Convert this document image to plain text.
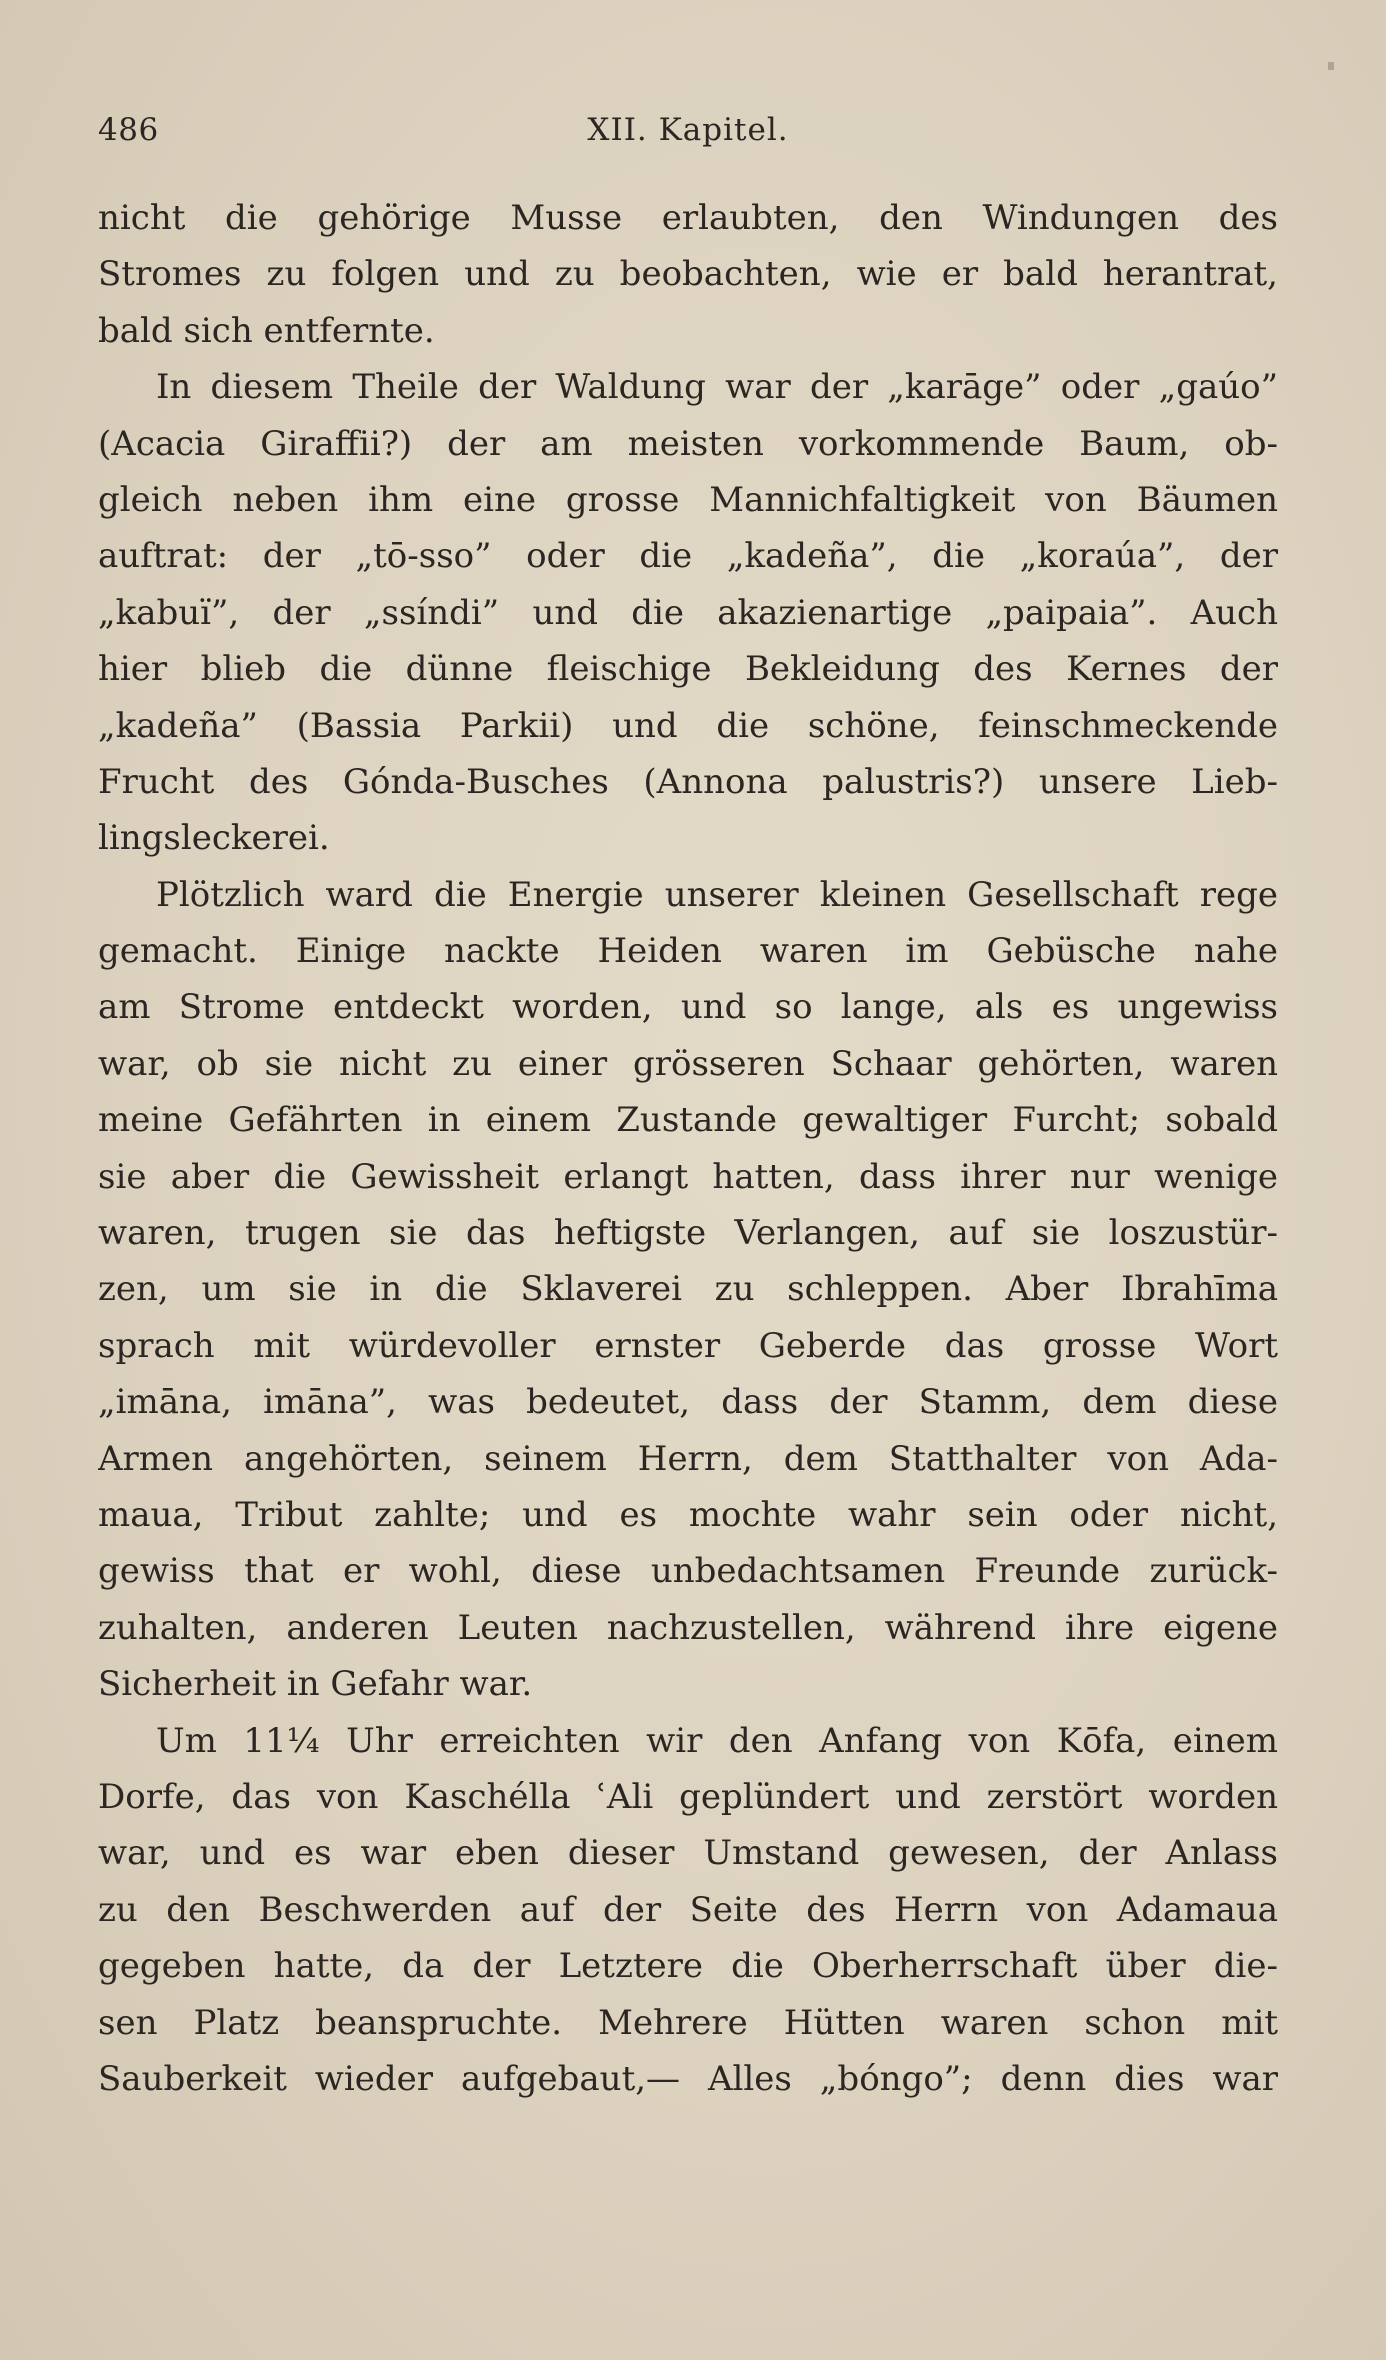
486	XII. Kapitel.
nicht die gehörige Musse erlaubten, den Windungen des
Stromes zu folgen und zu beobachten, wie er bald herantrat,
bald sich entfernte.
In diesem Theile der Waldung war der „karāge” oder „gaúo”
(Acacia Giraffii?) der am meisten vorkommende Baum, ob-
gleich neben ihm eine grosse Mannichfaltigkeit von Bäumen
auftrat: der „tō-sso” oder die „kadeña”, die „koraúa”, der
„kabuï”, der „ssíndi” und die akazienartige „paipaia”. Auch
hier blieb die dünne fleischige Bekleidung des Kernes der
„kadeña” (Bassia Parkii) und die schöne, feinschmeckende
Frucht des Gónda-Busches (Annona palustris?) unsere Lieb-
lingsleckerei.
Plötzlich ward die Energie unserer kleinen Gesellschaft rege
gemacht. Einige nackte Heiden waren im Gebüsche nahe
am Strome entdeckt worden, und so lange, als es ungewiss
war, ob sie nicht zu einer grösseren Schaar gehörten, waren
meine Gefährten in einem Zustande gewaltiger Furcht; sobald
sie aber die Gewissheit erlangt hatten, dass ihrer nur wenige
waren, trugen sie das heftigste Verlangen, auf sie loszustür-
zen, um sie in die Sklaverei zu schleppen. Aber Ibrahīma
sprach mit würdevoller ernster Geberde das grosse Wort
„imāna, imāna”, was bedeutet, dass der Stamm, dem diese
Armen angehörten, seinem Herrn, dem Statthalter von Ada-
maua, Tribut zahlte; und es mochte wahr sein oder nicht,
gewiss that er wohl, diese unbedachtsamen Freunde zurück-
zuhalten, anderen Leuten nachzustellen, während ihre eigene
Sicherheit in Gefahr war.
Um 11¼ Uhr erreichten wir den Anfang von Kōfa, einem
Dorfe, das von Kaschélla ʿAli geplündert und zerstört worden
war, und es war eben dieser Umstand gewesen, der Anlass
zu den Beschwerden auf der Seite des Herrn von Adamaua
gegeben hatte, da der Letztere die Oberherrschaft über die-
sen Platz beanspruchte. Mehrere Hütten waren schon mit
Sauberkeit wieder aufgebaut,— Alles „bóngo”; denn dies war
